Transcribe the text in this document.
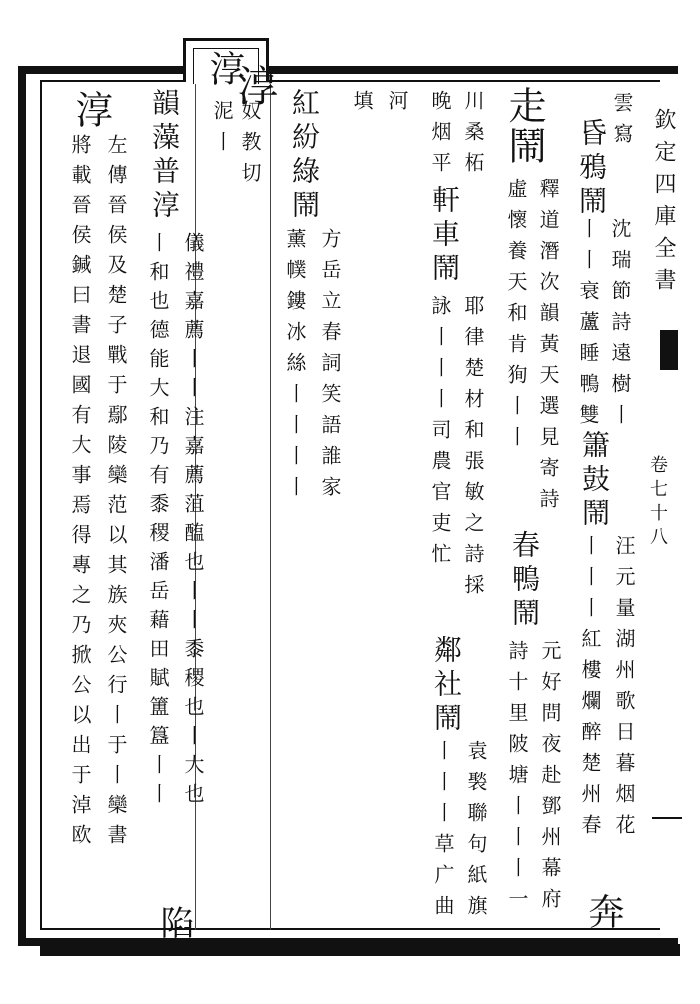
欽定四庫全書
卷七十八
淳
雲寫
昏鴉鬧
沈瑞節詩遠樹丨
丨丨衰蘆睡鴨雙
簫鼓鬧
汪元量湖州歌日暮烟花
丨丨丨紅樓爛醉楚州春
奔
走鬧
釋道潛次韻黃天選見寄詩
虛懷養天和肯狥丨丨
春鴨鬧
元好問夜赴鄧州幕府
詩十里陂塘丨丨丨一
川桑柘
軒車鬧
耶律楚材和張敏之詩採
晚烟平
詠丨丨丨司農官吏忙
鄰社鬧
袁褧聯句紙旗
丨丨丨草广曲
河
填
紅紛綠鬧
方岳立春詞笑語誰家
薰幞鏤冰絲丨丨丨丨
淳
奴教切
泥丨
韻藻普淳
儀禮嘉薦丨丨注嘉薦菹醢也丨丨黍稷也丨大也
丨和也德能大和乃有黍稷潘岳藉田賦簠簋丨丨
陷
淳
左傳晉侯及楚子戰于鄢陵欒范以其族夾公行丨于丨欒書
將載晉侯鍼曰書退國有大事焉得專之乃掀公以出于淖欧
